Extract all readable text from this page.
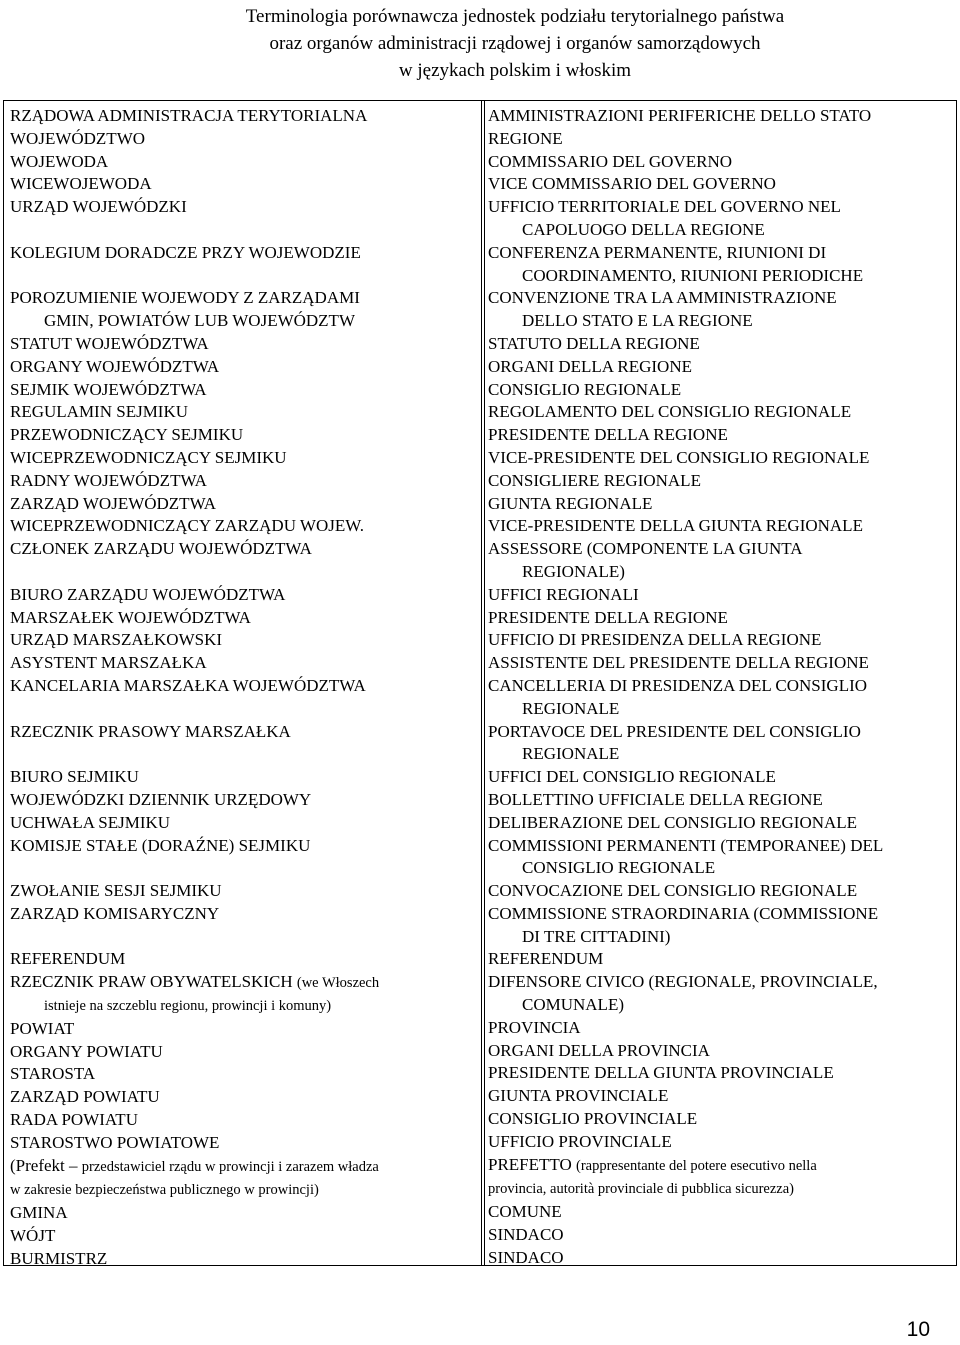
Terminologia porównawcza jednostek podziału terytorialnego państwa
oraz organów administracji rządowej i organów samorządowych
w językach polskim i włoskim
RZĄDOWA ADMINISTRACJA TERYTORIALNA
WOJEWÓDZTWO
WOJEWODA
WICEWOJEWODA
URZĄD WOJEWÓDZKI
KOLEGIUM DORADCZE PRZY WOJEWODZIE
POROZUMIENIE WOJEWODY Z ZARZĄDAMI
GMIN, POWIATÓW LUB WOJEWÓDZTW
STATUT WOJEWÓDZTWA
ORGANY WOJEWÓDZTWA
SEJMIK WOJEWÓDZTWA
REGULAMIN SEJMIKU
PRZEWODNICZĄCY SEJMIKU
WICEPRZEWODNICZĄCY SEJMIKU
RADNY WOJEWÓDZTWA
ZARZĄD WOJEWÓDZTWA
WICEPRZEWODNICZĄCY ZARZĄDU WOJEW.
CZŁONEK ZARZĄDU WOJEWÓDZTWA
BIURO ZARZĄDU WOJEWÓDZTWA
MARSZAŁEK WOJEWÓDZTWA
URZĄD MARSZAŁKOWSKI
ASYSTENT MARSZAŁKA
KANCELARIA MARSZAŁKA WOJEWÓDZTWA
RZECZNIK PRASOWY MARSZAŁKA
BIURO SEJMIKU
WOJEWÓDZKI DZIENNIK URZĘDOWY
UCHWAŁA SEJMIKU
KOMISJE STAŁE (DORAŹNE) SEJMIKU
ZWOŁANIE SESJI SEJMIKU
ZARZĄD KOMISARYCZNY
REFERENDUM
RZECZNIK PRAW OBYWATELSKICH (we Włoszech
istnieje na szczeblu regionu, prowincji i komuny)
POWIAT
ORGANY POWIATU
STAROSTA
ZARZĄD POWIATU
RADA POWIATU
STAROSTWO POWIATOWE
(Prefekt – przedstawiciel rządu w prowincji i zarazem władza
w zakresie bezpieczeństwa publicznego w prowincji)
GMINA
WÓJT
BURMISTRZ
AMMINISTRAZIONI PERIFERICHE DELLO STATO
REGIONE
COMMISSARIO DEL GOVERNO
VICE COMMISSARIO DEL GOVERNO
UFFICIO TERRITORIALE DEL GOVERNO NEL
CAPOLUOGO DELLA REGIONE
CONFERENZA PERMANENTE, RIUNIONI DI
COORDINAMENTO, RIUNIONI PERIODICHE
CONVENZIONE TRA LA AMMINISTRAZIONE
DELLO STATO E LA REGIONE
STATUTO DELLA REGIONE
ORGANI DELLA REGIONE
CONSIGLIO REGIONALE
REGOLAMENTO DEL CONSIGLIO REGIONALE
PRESIDENTE DELLA REGIONE
VICE-PRESIDENTE DEL CONSIGLIO REGIONALE
CONSIGLIERE REGIONALE
GIUNTA REGIONALE
VICE-PRESIDENTE DELLA GIUNTA REGIONALE
ASSESSORE (COMPONENTE LA GIUNTA
REGIONALE)
UFFICI REGIONALI
PRESIDENTE DELLA REGIONE
UFFICIO DI PRESIDENZA DELLA REGIONE
ASSISTENTE DEL PRESIDENTE DELLA REGIONE
CANCELLERIA DI PRESIDENZA DEL CONSIGLIO
REGIONALE
PORTAVOCE DEL PRESIDENTE DEL CONSIGLIO
REGIONALE
UFFICI DEL CONSIGLIO REGIONALE
BOLLETTINO UFFICIALE DELLA REGIONE
DELIBERAZIONE DEL CONSIGLIO REGIONALE
COMMISSIONI PERMANENTI (TEMPORANEE) DEL
CONSIGLIO REGIONALE
CONVOCAZIONE DEL CONSIGLIO REGIONALE
COMMISSIONE STRAORDINARIA (COMMISSIONE
DI TRE CITTADINI)
REFERENDUM
DIFENSORE CIVICO (REGIONALE, PROVINCIALE,
COMUNALE)
PROVINCIA
ORGANI DELLA PROVINCIA
PRESIDENTE DELLA GIUNTA PROVINCIALE
GIUNTA PROVINCIALE
CONSIGLIO PROVINCIALE
UFFICIO PROVINCIALE
PREFETTO (rappresentante del potere esecutivo nella
provincia, autorità provinciale di pubblica sicurezza)
COMUNE
SINDACO
SINDACO
10
